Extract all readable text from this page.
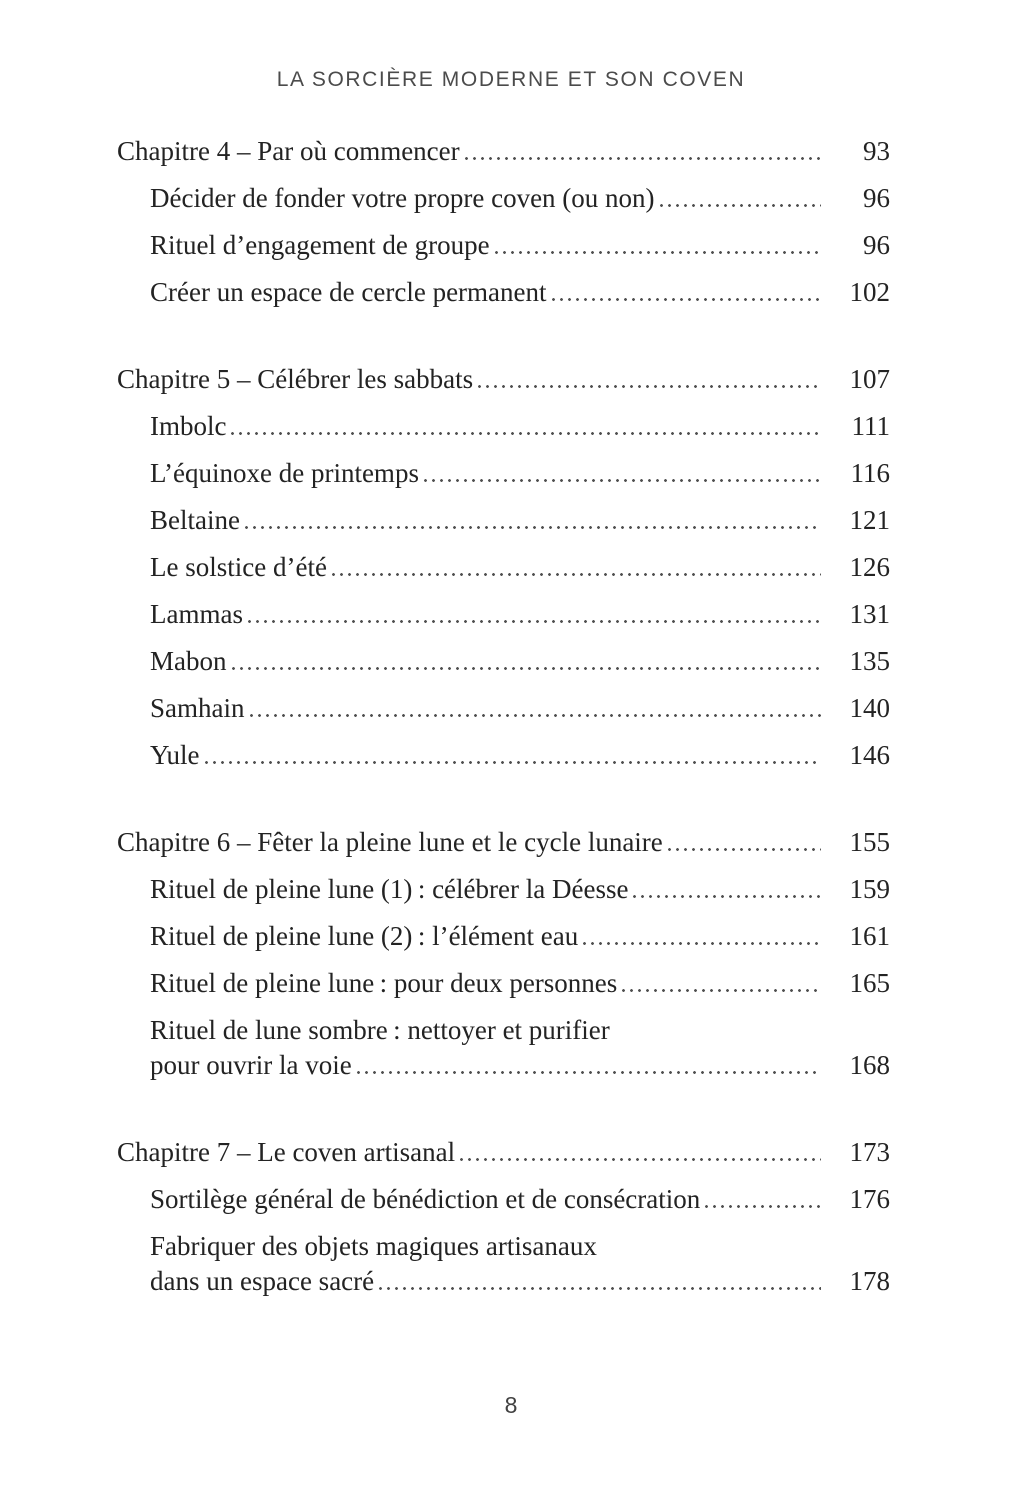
LA SORCIÈRE MODERNE ET SON COVEN
Chapitre 4 – Par où commencer	93
Décider de fonder votre propre coven (ou non)	96
Rituel d’engagement de groupe	96
Créer un espace de cercle permanent	102
Chapitre 5 – Célébrer les sabbats	107
Imbolc	111
L’équinoxe de printemps	116
Beltaine	121
Le solstice d’été	126
Lammas	131
Mabon	135
Samhain	140
Yule	146
Chapitre 6 – Fêter la pleine lune et le cycle lunaire	155
Rituel de pleine lune (1) : célébrer la Déesse	159
Rituel de pleine lune (2) : l’élément eau	161
Rituel de pleine lune : pour deux personnes	165
Rituel de lune sombre : nettoyer et purifier
pour ouvrir la voie	168
Chapitre 7 – Le coven artisanal	173
Sortilège général de bénédiction et de consécration	176
Fabriquer des objets magiques artisanaux
dans un espace sacré	178
8
